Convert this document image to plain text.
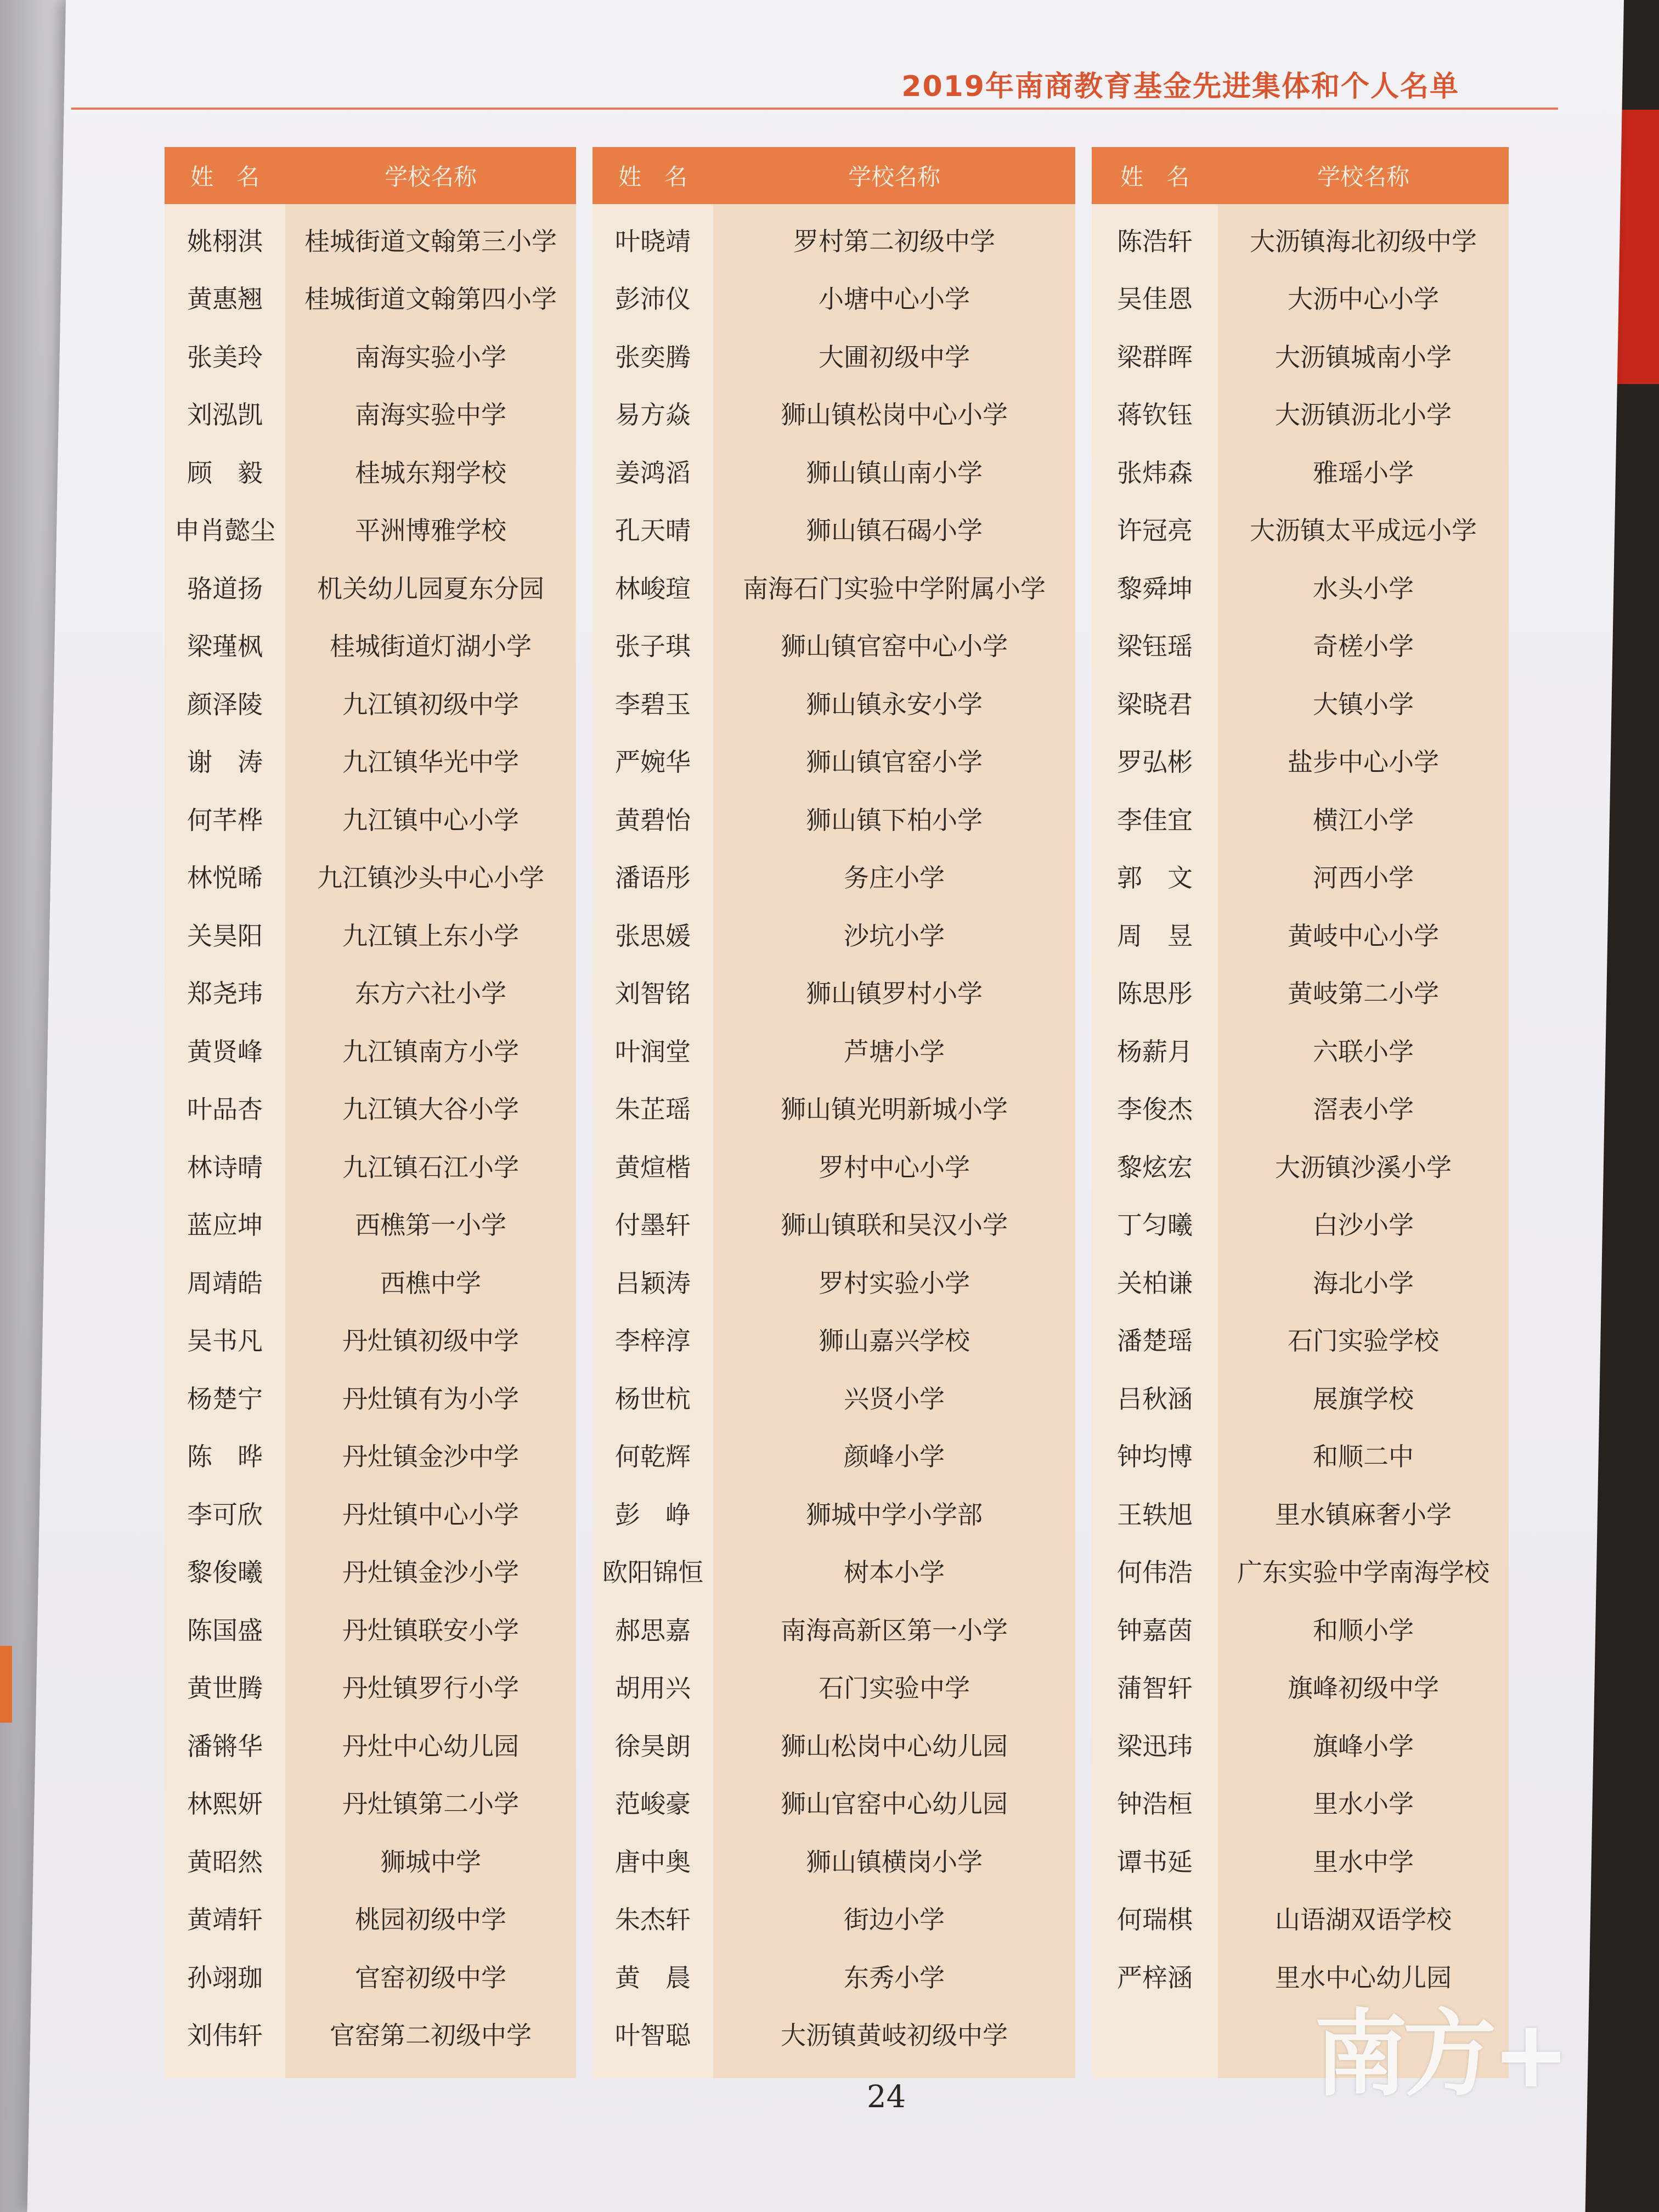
2019年南商教育基金先进集体和个人名单
姓　名	学校名称
姚栩淇	桂城街道文翰第三小学
黄惠翘	桂城街道文翰第四小学
张美玲	南海实验小学
刘泓凯	南海实验中学
顾　毅	桂城东翔学校
申肖懿尘	平洲博雅学校
骆道扬	机关幼儿园夏东分园
梁瑾枫	桂城街道灯湖小学
颜泽陵	九江镇初级中学
谢　涛	九江镇华光中学
何芊桦	九江镇中心小学
林悦晞	九江镇沙头中心小学
关昊阳	九江镇上东小学
郑尧玮	东方六社小学
黄贤峰	九江镇南方小学
叶品杏	九江镇大谷小学
林诗晴	九江镇石江小学
蓝应坤	西樵第一小学
周靖皓	西樵中学
吴书凡	丹灶镇初级中学
杨楚宁	丹灶镇有为小学
陈　晔	丹灶镇金沙中学
李可欣	丹灶镇中心小学
黎俊曦	丹灶镇金沙小学
陈国盛	丹灶镇联安小学
黄世腾	丹灶镇罗行小学
潘锵华	丹灶中心幼儿园
林熙妍	丹灶镇第二小学
黄昭然	狮城中学
黄靖轩	桃园初级中学
孙翊珈	官窑初级中学
刘伟轩	官窑第二初级中学
姓　名	学校名称
叶晓靖	罗村第二初级中学
彭沛仪	小塘中心小学
张奕腾	大圃初级中学
易方焱	狮山镇松岗中心小学
姜鸿滔	狮山镇山南小学
孔天晴	狮山镇石碣小学
林峻瑄	南海石门实验中学附属小学
张子琪	狮山镇官窑中心小学
李碧玉	狮山镇永安小学
严婉华	狮山镇官窑小学
黄碧怡	狮山镇下柏小学
潘语彤	务庄小学
张思媛	沙坑小学
刘智铭	狮山镇罗村小学
叶润堂	芦塘小学
朱芷瑶	狮山镇光明新城小学
黄煊楷	罗村中心小学
付墨轩	狮山镇联和吴汉小学
吕颖涛	罗村实验小学
李梓淳	狮山嘉兴学校
杨世杭	兴贤小学
何乾辉	颜峰小学
彭　峥	狮城中学小学部
欧阳锦恒	树本小学
郝思嘉	南海高新区第一小学
胡用兴	石门实验中学
徐昊朗	狮山松岗中心幼儿园
范峻豪	狮山官窑中心幼儿园
唐中奥	狮山镇横岗小学
朱杰轩	街边小学
黄　晨	东秀小学
叶智聪	大沥镇黄岐初级中学
姓　名	学校名称
陈浩轩	大沥镇海北初级中学
吴佳恩	大沥中心小学
梁群晖	大沥镇城南小学
蒋钦钰	大沥镇沥北小学
张炜森	雅瑶小学
许冠亮	大沥镇太平成远小学
黎舜坤	水头小学
梁钰瑶	奇槎小学
梁晓君	大镇小学
罗弘彬	盐步中心小学
李佳宜	横江小学
郭　文	河西小学
周　昱	黄岐中心小学
陈思彤	黄岐第二小学
杨薪月	六联小学
李俊杰	滘表小学
黎炫宏	大沥镇沙溪小学
丁匀曦	白沙小学
关柏谦	海北小学
潘楚瑶	石门实验学校
吕秋涵	展旗学校
钟均博	和顺二中
王轶旭	里水镇麻奢小学
何伟浩	广东实验中学南海学校
钟嘉茵	和顺小学
蒲智轩	旗峰初级中学
梁迅玮	旗峰小学
钟浩桓	里水小学
谭书延	里水中学
何瑞棋	山语湖双语学校
严梓涵	里水中心幼儿园
24	南方+
